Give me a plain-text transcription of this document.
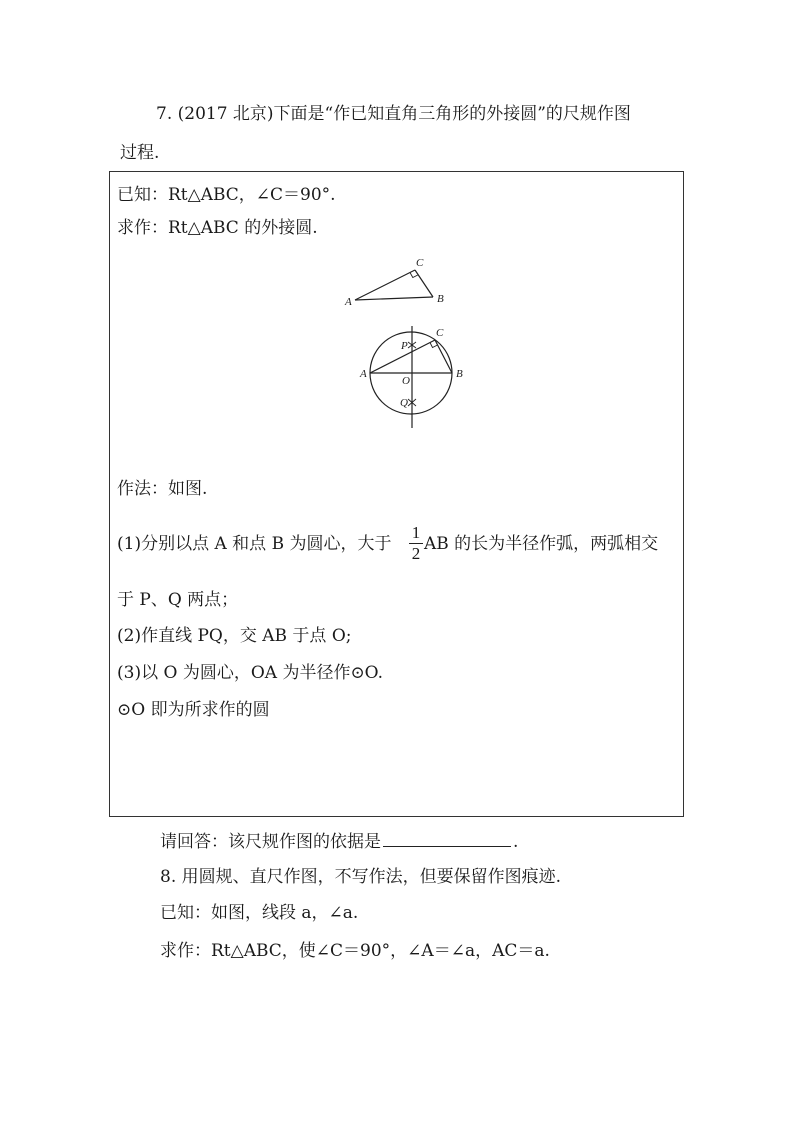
7. (2017 北京)下面是“作已知直角三角形的外接圆”的尺规作图
过程.
已知：Rt△ABC，∠C＝90°.
求作：Rt△ABC 的外接圆.
A	B
C
A	B
C
P
O
Q
作法：如图.
(1)分别以点 A 和点 B 为圆心，大于
1
2 AB 的长为半径作弧，两弧相交
于 P、Q 两点；
(2)作直线 PQ，交 AB 于点 O;
(3)以 O 为圆心，OA 为半径作⊙O.
⊙O 即为所求作的圆
请回答：该尺规作图的依据是	.
8. 用圆规、直尺作图，不写作法，但要保留作图痕迹.
已知：如图，线段 a，∠a.
求作：Rt△ABC，使∠C＝90°，∠A＝∠a，AC＝a.
